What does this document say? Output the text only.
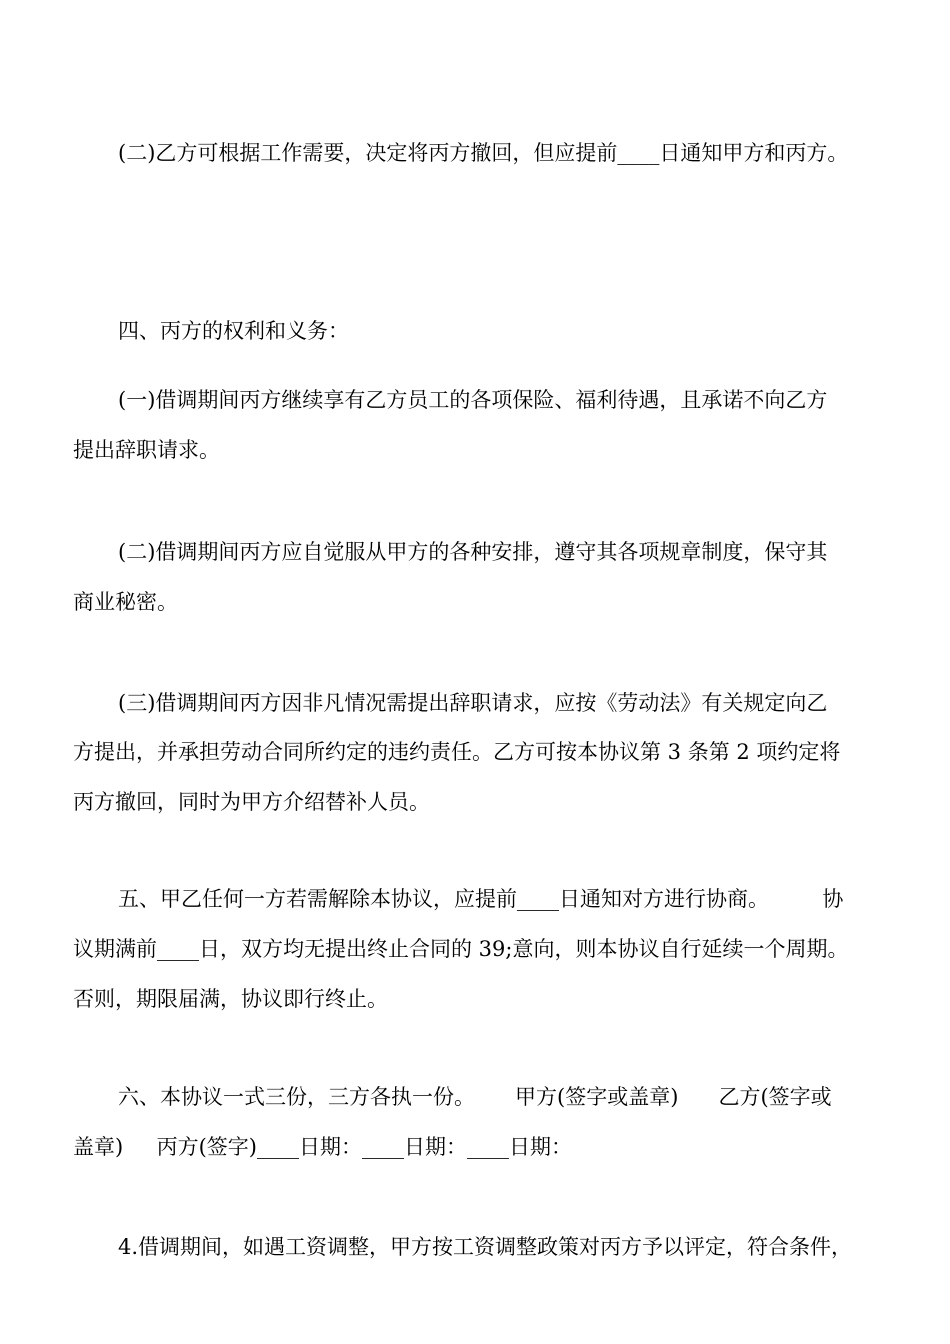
(二)乙方可根据工作需要，决定将丙方撤回，但应提前____日通知甲方和丙方。
四、丙方的权利和义务：
(一)借调期间丙方继续享有乙方员工的各项保险、福利待遇，且承诺不向乙方
提出辞职请求。
(二)借调期间丙方应自觉服从甲方的各种安排，遵守其各项规章制度，保守其
商业秘密。
(三)借调期间丙方因非凡情况需提出辞职请求，应按《劳动法》有关规定向乙
方提出，并承担劳动合同所约定的违约责任。乙方可按本协议第 3 条第 2 项约定将
丙方撤回，同时为甲方介绍替补人员。
五、甲乙任何一方若需解除本协议，应提前____日通知对方进行协商。        协
议期满前____日，双方均无提出终止合同的 39;意向，则本协议自行延续一个周期。
否则，期限届满，协议即行终止。
六、本协议一式三份，三方各执一份。      甲方(签字或盖章)      乙方(签字或
盖章)     丙方(签字)____日期：____日期：____日期：
4.借调期间，如遇工资调整，甲方按工资调整政策对丙方予以评定，符合条件，
